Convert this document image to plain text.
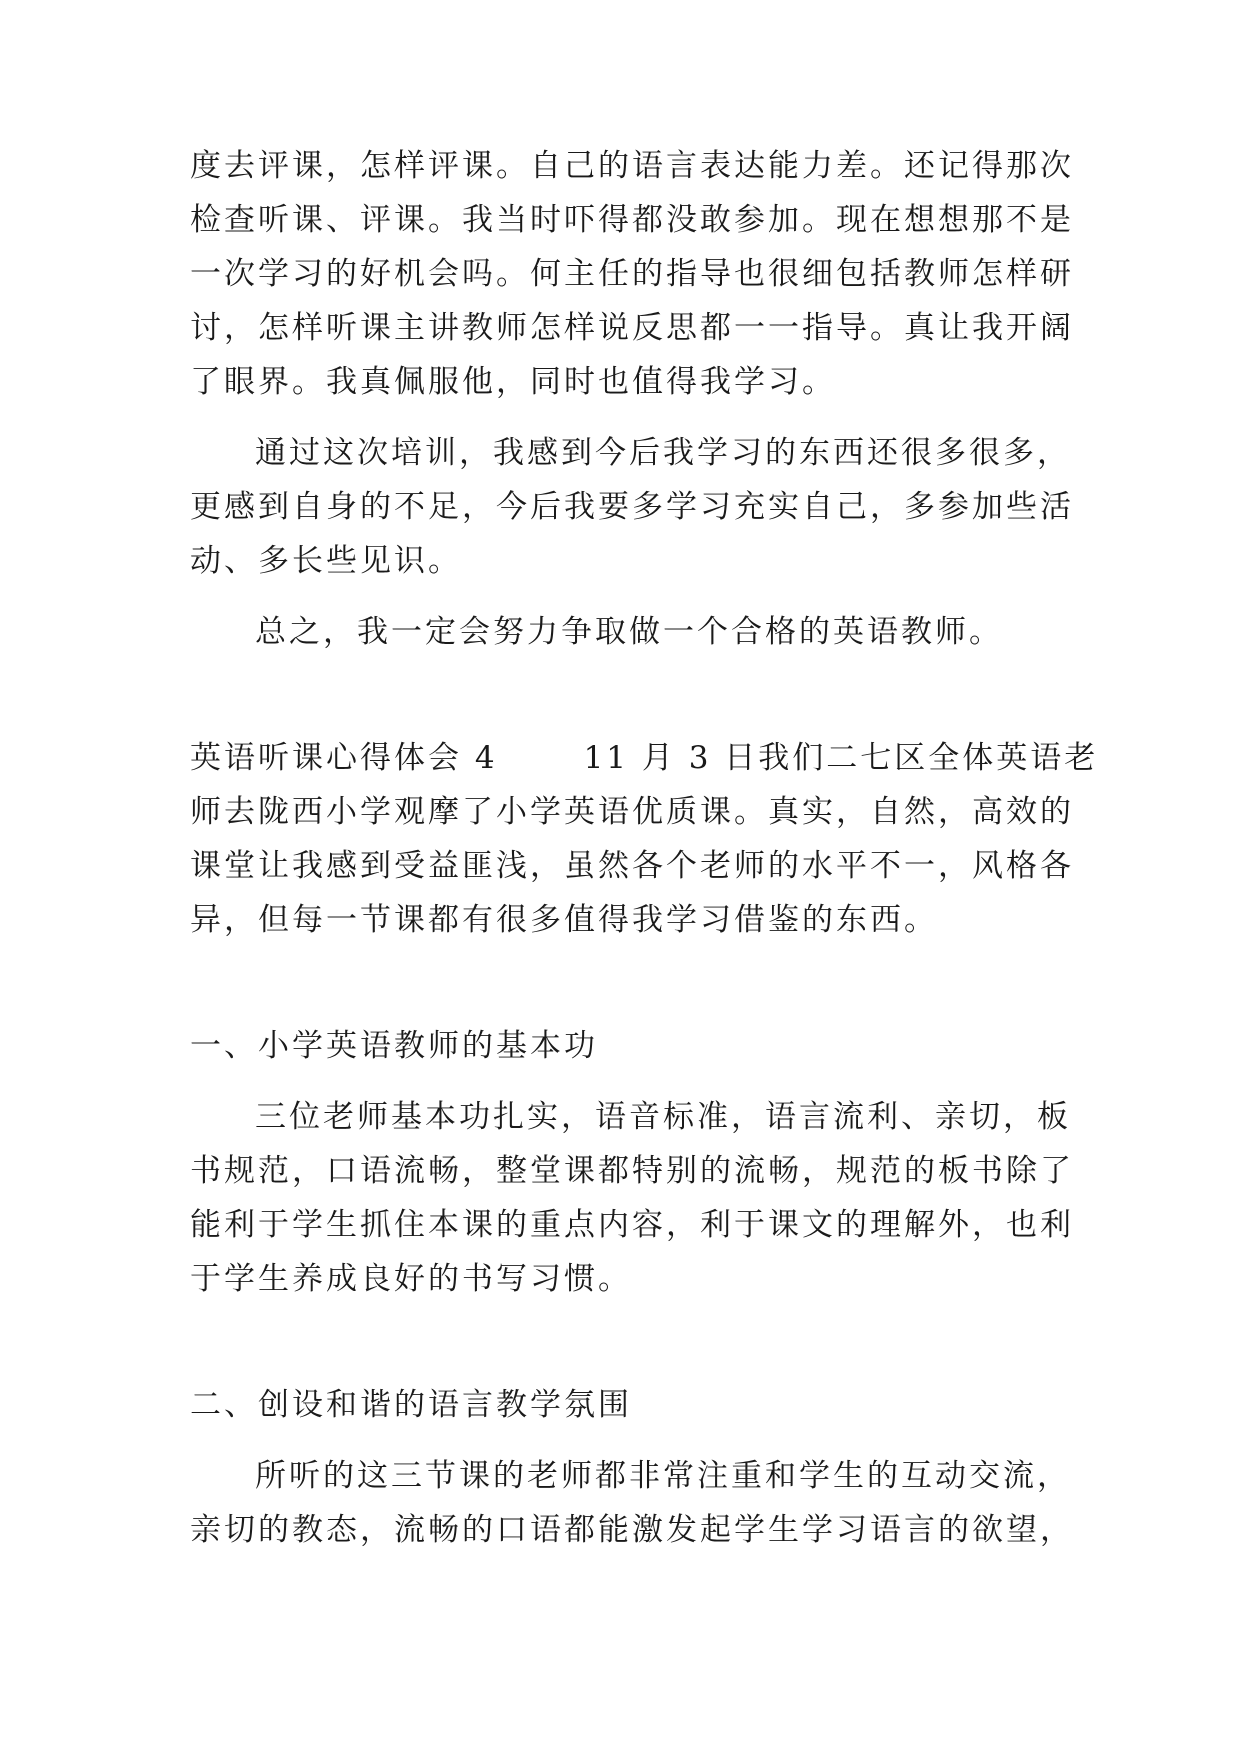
度去评课，怎样评课。自己的语言表达能力差。还记得那次
检查听课、评课。我当时吓得都没敢参加。现在想想那不是
一次学习的好机会吗。何主任的指导也很细包括教师怎样研
讨，怎样听课主讲教师怎样说反思都一一指导。真让我开阔
了眼界。我真佩服他，同时也值得我学习。
通过这次培训，我感到今后我学习的东西还很多很多，
更感到自身的不足，今后我要多学习充实自己，多参加些活
动、多长些见识。
总之，我一定会努力争取做一个合格的英语教师。
英语听课心得体会 4	11 月 3 日我们二七区全体英语老
师去陇西小学观摩了小学英语优质课。真实，自然，高效的
课堂让我感到受益匪浅，虽然各个老师的水平不一，风格各
异，但每一节课都有很多值得我学习借鉴的东西。
一、小学英语教师的基本功
三位老师基本功扎实，语音标准，语言流利、亲切，板
书规范，口语流畅，整堂课都特别的流畅，规范的板书除了
能利于学生抓住本课的重点内容，利于课文的理解外，也利
于学生养成良好的书写习惯。
二、创设和谐的语言教学氛围
所听的这三节课的老师都非常注重和学生的互动交流，
亲切的教态，流畅的口语都能激发起学生学习语言的欲望，
